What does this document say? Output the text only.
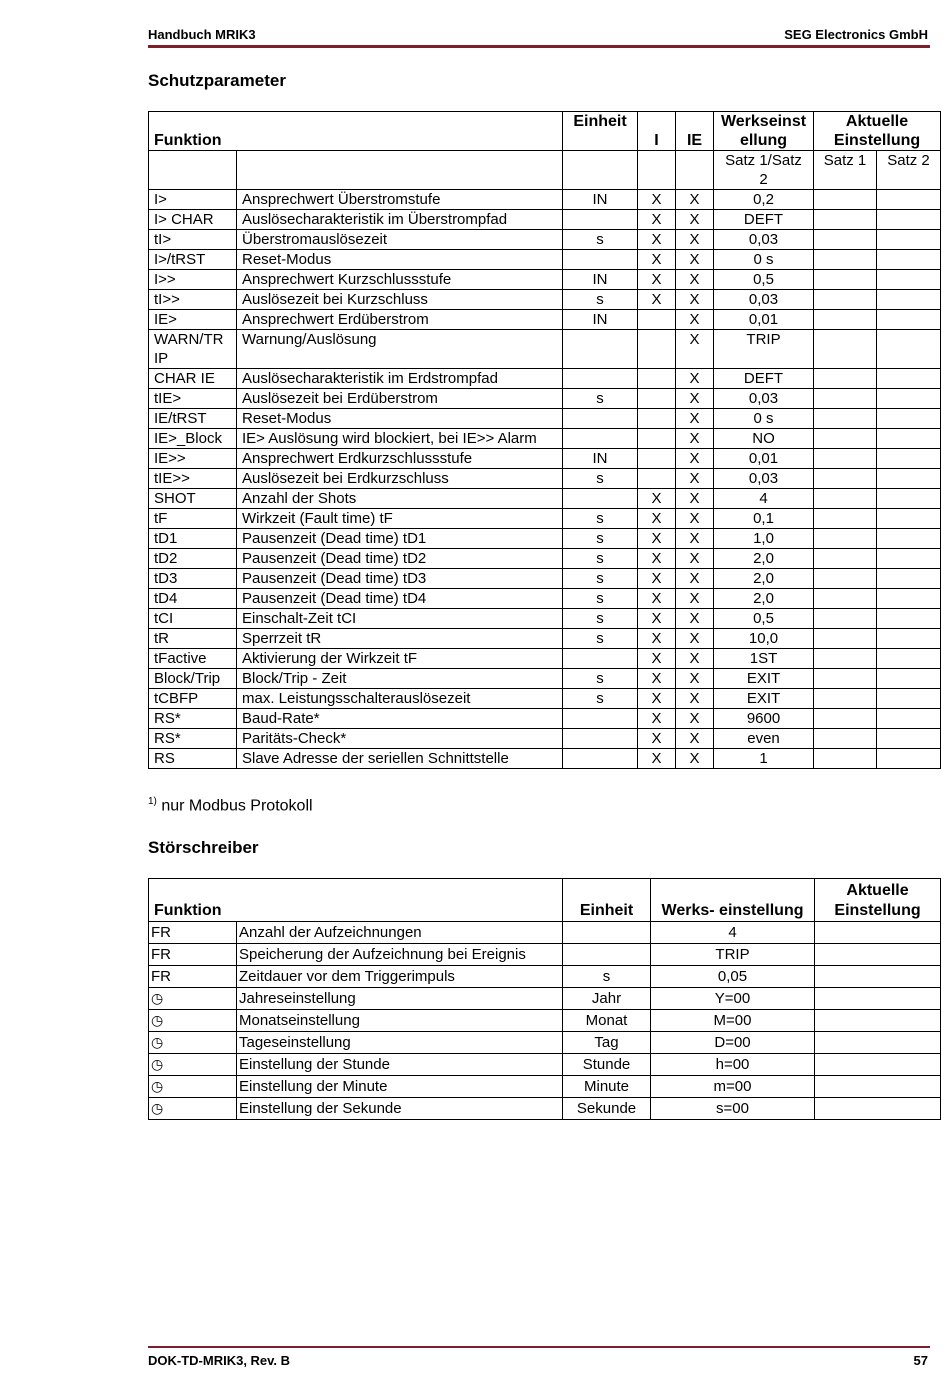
Handbuch MRIK3	SEG Electronics GmbH
Schutzparameter
Funktion		Einheit	I	IE	Werkseinst ellung	Aktuelle Einstellung	
					Satz 1/Satz 2	Satz 1	Satz 2
I>	Ansprechwert Überstromstufe	IN	X	X	0,2		
I> CHAR	Auslösecharakteristik im Überstrompfad		X	X	DEFT		
tI>	Überstromauslösezeit	s	X	X	0,03		
I>/tRST	Reset-Modus		X	X	0 s		
I>>	Ansprechwert Kurzschlussstufe	IN	X	X	0,5		
tI>>	Auslösezeit bei Kurzschluss	s	X	X	0,03		
IE>	Ansprechwert Erdüberstrom	IN		X	0,01		
WARN/TR IP	Warnung/Auslösung			X	TRIP		
CHAR IE	Auslösecharakteristik im Erdstrompfad			X	DEFT		
tIE>	Auslösezeit bei Erdüberstrom	s		X	0,03		
IE/tRST	Reset-Modus			X	0 s		
IE>_Block	IE> Auslösung wird blockiert, bei IE>> Alarm			X	NO		
IE>>	Ansprechwert Erdkurzschlussstufe	IN		X	0,01		
tIE>>	Auslösezeit bei Erdkurzschluss	s		X	0,03		
SHOT	Anzahl der Shots		X	X	4		
tF	Wirkzeit (Fault time) tF	s	X	X	0,1		
tD1	Pausenzeit (Dead time) tD1	s	X	X	1,0		
tD2	Pausenzeit (Dead time) tD2	s	X	X	2,0		
tD3	Pausenzeit (Dead time) tD3	s	X	X	2,0		
tD4	Pausenzeit (Dead time) tD4	s	X	X	2,0		
tCI	Einschalt-Zeit tCI	s	X	X	0,5		
tR	Sperrzeit tR	s	X	X	10,0		
tFactive	Aktivierung der Wirkzeit tF		X	X	1ST		
Block/Trip	Block/Trip - Zeit	s	X	X	EXIT		
tCBFP	max. Leistungsschalterauslösezeit	s	X	X	EXIT		
RS*	Baud-Rate*		X	X	9600		
RS*	Paritäts-Check*		X	X	even		
RS	Slave Adresse der seriellen Schnittstelle		X	X	1		
$^{1)}$ nur Modbus Protokoll
Störschreiber
Funktion		Einheit	Werks- einstellung	Aktuelle Einstellung
FR	Anzahl der Aufzeichnungen		4	
FR	Speicherung der Aufzeichnung bei Ereignis		TRIP	
FR	Zeitdauer vor dem Triggerimpuls	s	0,05	
◷	Jahreseinstellung	Jahr	Y=00	
◷	Monatseinstellung	Monat	M=00	
◷	Tageseinstellung	Tag	D=00	
◷	Einstellung der Stunde	Stunde	h=00	
◷	Einstellung der Minute	Minute	m=00	
◷	Einstellung der Sekunde	Sekunde	s=00	
DOK-TD-MRIK3, Rev. B	57
